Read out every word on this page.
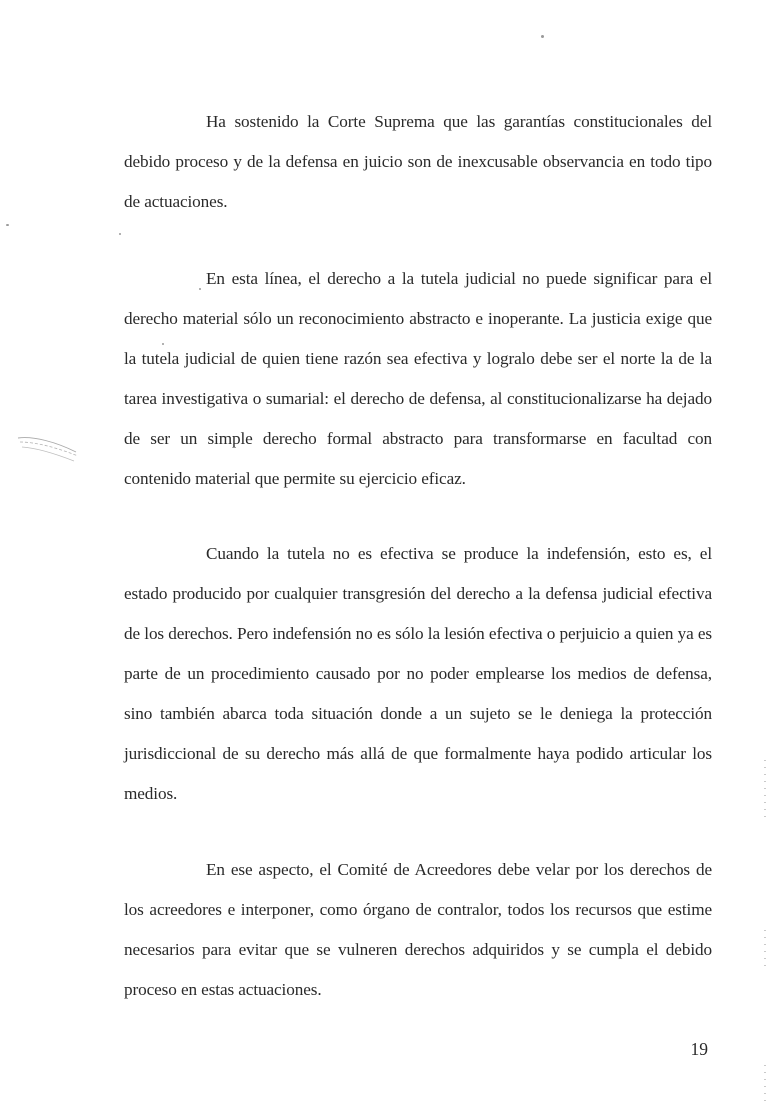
Ha sostenido la Corte Suprema que las garantías constitucionales del debido proceso y de la defensa en juicio son de inexcusable observancia en todo tipo de actuaciones.

En esta línea, el derecho a la tutela judicial no puede significar para el derecho material sólo un reconocimiento abstracto e inoperante. La justicia exige que la tutela judicial de quien tiene razón sea efectiva y logralo debe ser el norte la de la tarea investigativa o sumarial: el derecho de defensa, al constitucionalizarse ha dejado de ser un simple derecho formal abstracto para transformarse en facultad con contenido material que permite su ejercicio eficaz.

Cuando la tutela no es efectiva se produce la indefensión, esto es, el estado producido por cualquier transgresión del derecho a la defensa judicial efectiva de los derechos. Pero indefensión no es sólo la lesión efectiva o perjuicio a quien ya es parte de un procedimiento causado por no poder emplearse los medios de defensa, sino también abarca toda situación donde a un sujeto se le deniega la protección jurisdiccional de su derecho más allá de que formalmente haya podido articular los medios.

En ese aspecto, el Comité de Acreedores debe velar por los derechos de los acreedores e interponer, como órgano de contralor, todos los recursos que estime necesarios para evitar que se vulneren derechos adquiridos y se cumpla el debido proceso en estas actuaciones.

19
